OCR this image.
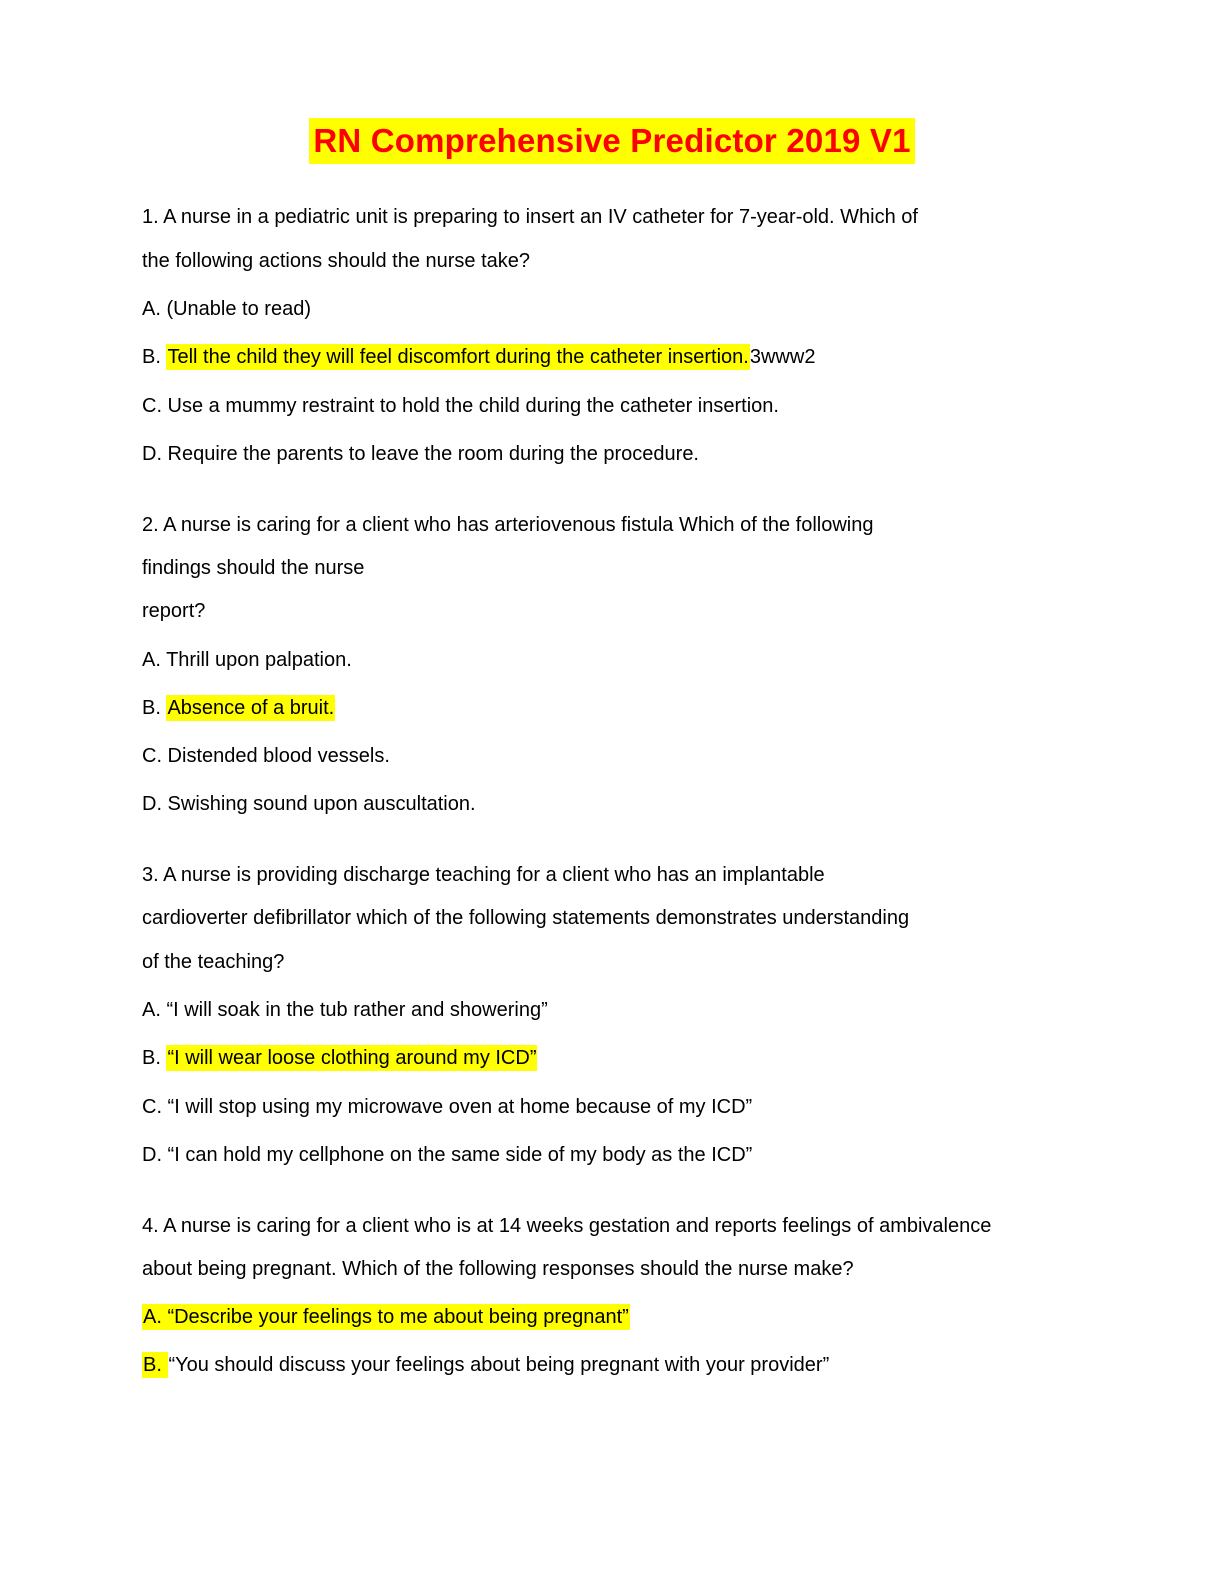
RN Comprehensive Predictor 2019 V1
1. A nurse in a pediatric unit is preparing to insert an IV catheter for 7-year-old. Which of
the following actions should the nurse take?
A. (Unable to read)
B. Tell the child they will feel discomfort during the catheter insertion.3www2
C. Use a mummy restraint to hold the child during the catheter insertion.
D. Require the parents to leave the room during the procedure.
2. A nurse is caring for a client who has arteriovenous fistula Which of the following
findings should the nurse
report?
A. Thrill upon palpation.
B. Absence of a bruit.
C. Distended blood vessels.
D. Swishing sound upon auscultation.
3. A nurse is providing discharge teaching for a client who has an implantable
cardioverter defibrillator which of the following statements demonstrates understanding
of the teaching?
A. “I will soak in the tub rather and showering”
B. “I will wear loose clothing around my ICD”
C. “I will stop using my microwave oven at home because of my ICD”
D. “I can hold my cellphone on the same side of my body as the ICD”
4. A nurse is caring for a client who is at 14 weeks gestation and reports feelings of ambivalence
about being pregnant. Which of the following responses should the nurse make?
A. “Describe your feelings to me about being pregnant”
B. “You should discuss your feelings about being pregnant with your provider”
